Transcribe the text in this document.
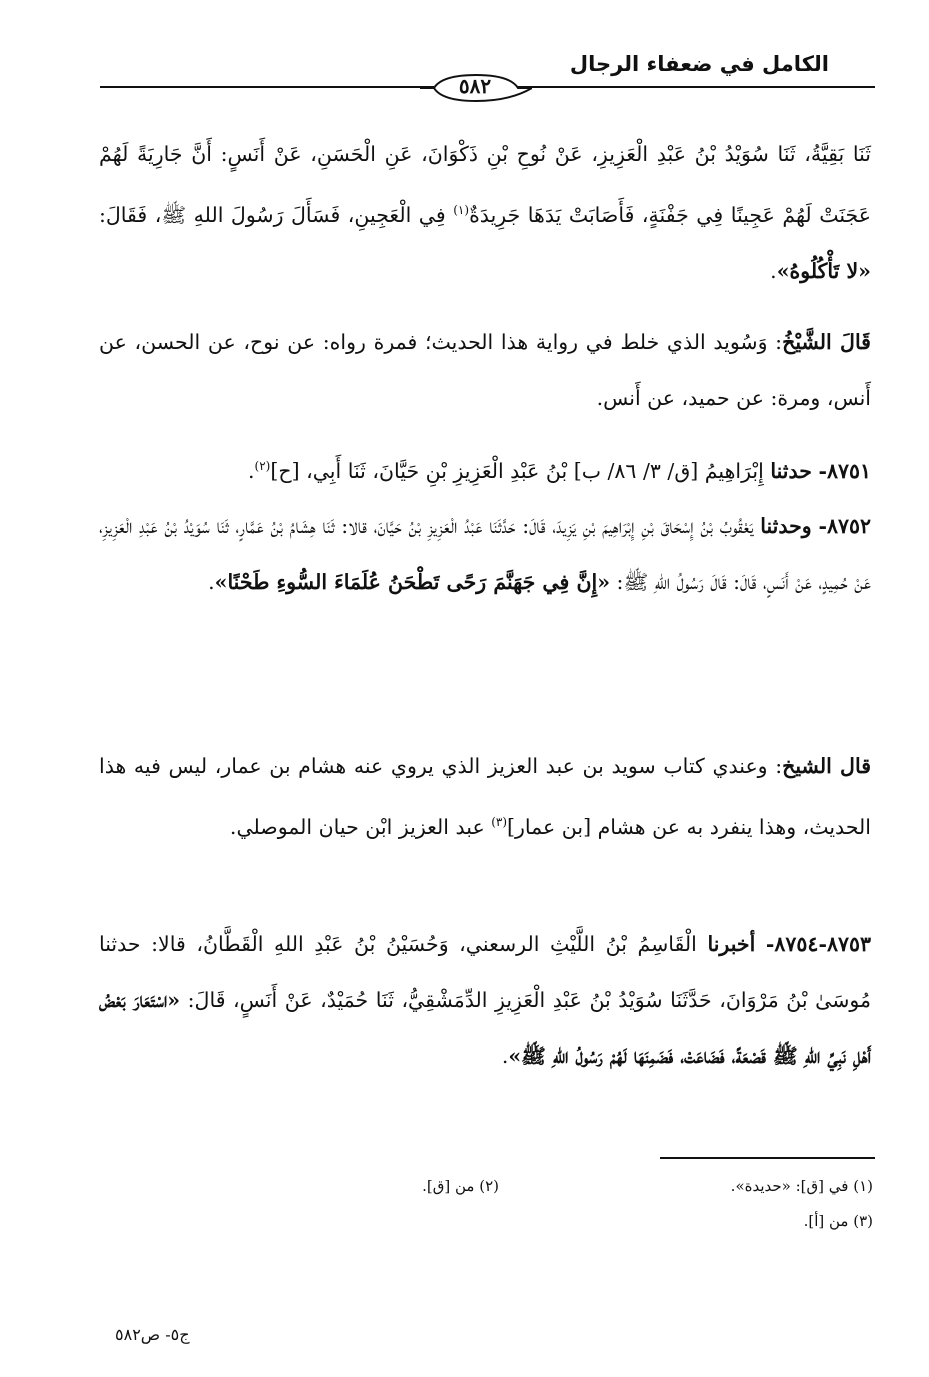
الكامل في ضعفاء الرجال
٥٨٢

ثَنَا بَقِيَّةُ، ثَنَا سُوَيْدُ بْنُ عَبْدِ الْعَزِيزِ، عَنْ نُوحِ بْنِ ذَكْوَانَ، عَنِ الْحَسَنِ، عَنْ أَنَسٍ: أَنَّ جَارِيَةً لَهُمْ عَجَنَتْ لَهُمْ عَجِينًا فِي جَفْنَةٍ، فَأَصَابَتْ يَدَهَا جَرِيدَةٌ$^{(١)}$ فِي الْعَجِينِ، فَسَأَلَ رَسُولَ اللهِ ﷺ، فَقَالَ: «لا تَأْكُلُوهُ».

قَالَ الشَّيْخُ: وَسُويد الذي خلط في رواية هذا الحديث؛ فمرة رواه: عن نوح، عن الحسن، عن أَنس، ومرة: عن حميد، عن أَنس.

٨٧٥١- حدثنا إِبْرَاهِيمُ [ق/ ٣/ ٨٦/ ب] بْنُ عَبْدِ الْعَزِيزِ بْنِ حَيَّانَ، ثَنَا أَبِي، [ح]$^{(٢)}$.

٨٧٥٢- وحدثنا يَعْقُوبُ بْنُ إِسْحَاقَ بْنِ إِبْرَاهِيمَ بْنِ يَزِيدَ، قَالَ: حَدَّثَنَا عَبْدُ الْعَزِيزِ بْنُ حَيَّانَ، قالا: ثَنَا هِشَامُ بْنُ عَمَّارٍ، ثَنَا سُوَيْدُ بْنُ عَبْدِ الْعَزِيزِ، عَنْ حُمِيدٍ، عَنْ أَنَسٍ، قَالَ: قَالَ رَسُولُ اللهِ ﷺ: «إِنَّ فِي جَهَنَّمَ رَحًى تَطْحَنُ عُلَمَاءَ السُّوءِ طَحْنًا».

قال الشيخ: وعندي كتاب سويد بن عبد العزيز الذي يروي عنه هشام بن عمار، ليس فيه هذا الحديث، وهذا ينفرد به عن هشام [بن عمار]$^{(٣)}$ عبد العزيز ابْن حيان الموصلي.

٨٧٥٣-٨٧٥٤- أخبرنا الْقَاسِمُ بْنُ اللَّيْثِ الرسعني، وَحُسَيْنُ بْنُ عَبْدِ اللهِ الْقَطَّانُ، قالا: حدثنا مُوسَىٰ بْنُ مَرْوَانَ، حَدَّثَنَا سُوَيْدُ بْنُ عَبْدِ الْعَزِيزِ الدِّمَشْقِيُّ، ثَنَا حُمَيْدٌ، عَنْ أَنَسٍ، قَالَ: «اسْتَعَارَ بَعْضُ أَهْلِ نَبِيِّ اللهِ ﷺ قَصْعَةً، فَضَاعَتْ، فَضَمِنَهَا لَهُمْ رَسُولُ اللهِ ﷺ».

(١) في [ق]: «حديدة».
(٢) من [ق].
(٣) من [أ].
ج٥- ص٥٨٢
